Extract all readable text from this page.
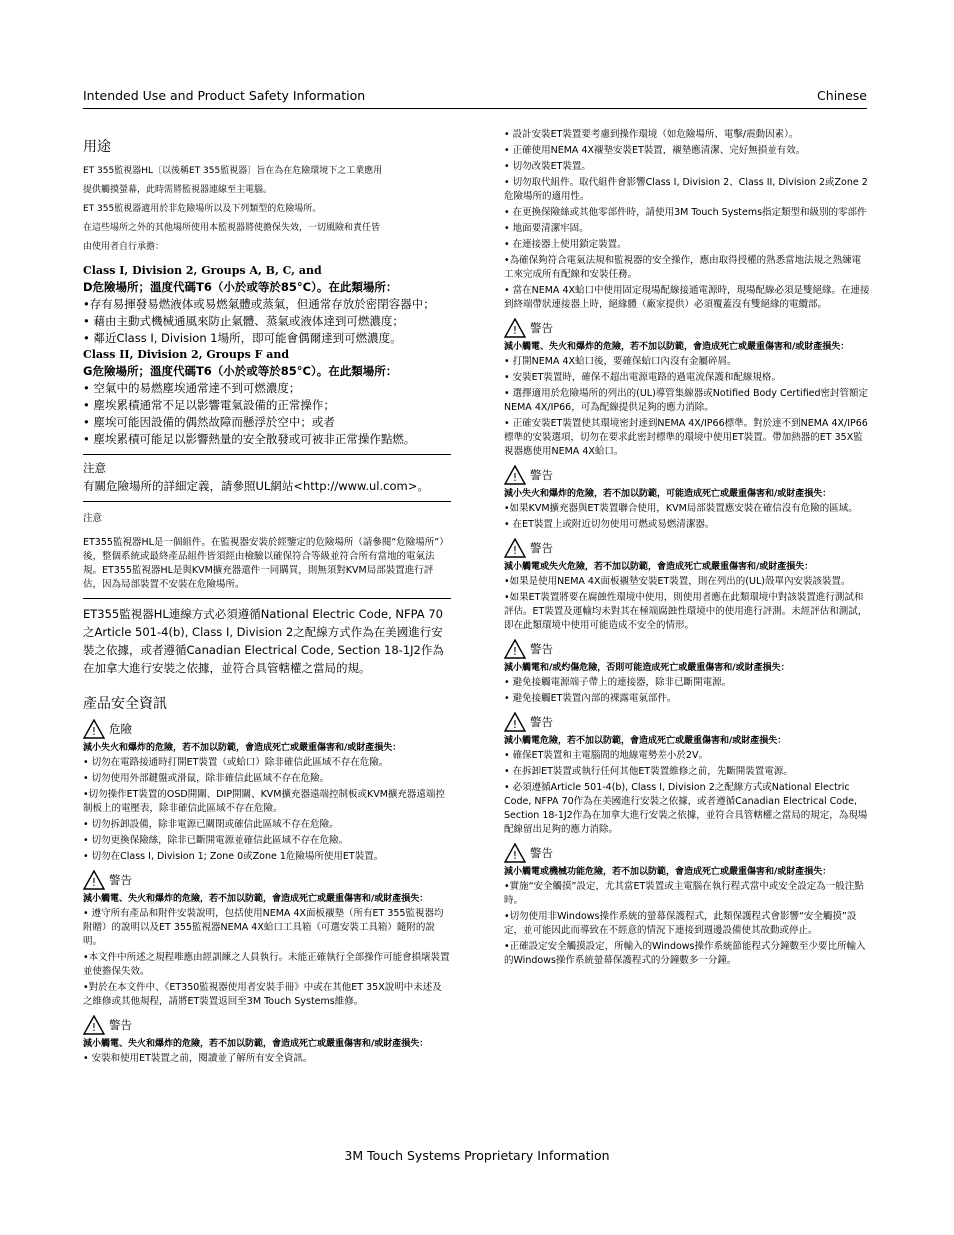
Intended Use and Product Safety Information	Chinese
用途

ET 355監視器HL〔以後稱ET 355監視器〕旨在為在危險環境下之工業應用

提供觸摸螢幕，此時需將監視器連線至主電腦。

ET 355監視器適用於非危險場所以及下列類型的危險場所。

在這些場所之外的其他場所使用本監視器將使擔保失效，一切風險和責任皆

由使用者自行承擔：

Class I, Division 2, Groups A, B, C, and

D危險場所；溫度代碼T6（小於或等於85°C）。在此類場所：

•存有易揮發易燃液体或易燃氣體或蒸氣，但通常存放於密閉容器中；
• 藉由主動式機械通風來防止氣體、蒸氣或液体達到可燃濃度；
• 鄰近Class I, Division 1場所，即可能會偶爾達到可燃濃度。

Class II, Division 2, Groups F and

G危險場所；溫度代碼T6（小於或等於85°C）。在此類場所：

• 空氣中的易燃塵埃通常達不到可燃濃度；
• 塵埃累積通常不足以影響電氣設備的正常操作；
• 塵埃可能因設備的偶然故障而懸浮於空中；或者
• 塵埃累積可能足以影響熱量的安全散發或可被非正常操作點燃。
注意
有關危險場所的詳細定義，請參照UL網站<http://www.ul.com>。
注意
ET355監視器HL是一個組件。在監視器安裝於經鑒定的危險場所（請參閱“危險場所”）後，整個系統或最終產品組件皆須經由檢驗以確保符合等級並符合所有當地的電氣法規。ET355監視器HL是與KVM擴充器還件一同購買，則無須對KVM局部裝置進行評估，因為局部裝置不安裝在危險場所。
ET355監視器HL連線方式必須遵循National Electric Code, NFPA 70之Article 501-4(b), Class I, Division 2之配線方式作為在美國進行安裝之依據，或者遵循Canadian Electrical Code, Section 18-1J2作為在加拿大進行安裝之依據，並符合具管轄權之當局的規。
產品安全資訊
! 危險

減小失火和爆炸的危險，若不加以防範，會造成死亡或嚴重傷害和/或財產損失：

• 切勿在電路接通時打開ET裝置（或蛤口）除非確信此區域不存在危險。
• 切勿使用外部鍵盤或滑鼠，除非確信此區域不存在危險。
•切勿操作ET裝置的OSD開關、DIP開關、KVM擴充器遠端控制板或KVM擴充器遠端控制板上的電壓表，除非確信此區域不存在危險。
• 切勿拆卸設備，除非電源已關閉或確信此區域不存在危險。
• 切勿更換保險絲，除非已斷開電源並確信此區域不存在危險。
• 切勿在Class I, Division 1; Zone 0或Zone 1危險場所使用ET裝置。
! 警告

減小觸電、失火和爆炸的危險，若不加以防範，會造成死亡或嚴重傷害和/或財產損失：

• 遵守所有產品和附件安裝說明，包括使用NEMA 4X面板襯墊（所有ET 355監視器均附贈）的說明以及ET 355監視器NEMA 4X蛤口工具箱（可選安裝工具箱）隨附的說明。
•本文件中所述之規程唯應由經訓練之人員執行。未能正確執行全部操作可能會損壞裝置並使擔保失效。
•對於在本文件中、《ET350監視器使用者安裝手冊》中或在其他ET 35X說明中未述及之維修或其他規程，請將ET裝置返回至3M Touch Systems維修。
! 警告

減小觸電、失火和爆炸的危險，若不加以防範，會造成死亡或嚴重傷害和/或財產損失：

• 安裝和使用ET裝置之前，閱讀並了解所有安全資訊。
• 設計安裝ET裝置要考慮到操作環境（如危險場所、電擊/震動因素）。
• 正確使用NEMA 4X襯墊安裝ET裝置，襯墊應清潔、完好無損並有效。
• 切勿改裝ET裝置。
• 切勿取代組件。取代組件會影響Class I, Division 2、Class II, Division 2或Zone 2危險場所的適用性。
• 在更換保險絲或其他零部件時，請使用3M Touch Systems指定類型和級別的零部件
• 地面要清潔牢固。
• 在連接器上使用鎖定裝置。
•為確保夠符合電氣法規和監視器的安全操作，應由取得授權的熟悉當地法規之熟練電工來完成所有配線和安裝任務。
• 當在NEMA 4X蛤口中使用固定現場配線接通電源時，現場配線必須是雙絕緣。在連接到終端帶狀連接器上時，絕緣體（廠家提供）必須覆蓋沒有雙絕緣的電纜部。
! 警告

減小觸電、失火和爆炸的危險，若不加以防範，會造成死亡或嚴重傷害和/或財產損失：

• 打開NEMA 4X蛤口後，要確保蛤口內沒有金屬碎屑。
• 安裝ET裝置時，確保不超出電源電路的過電流保護和配線規格。
• 選擇適用於危險場所的列出的(UL)導管集線器或Notified Body Certified密封管額定NEMA 4X/IP66，可為配線提供足夠的應力消除。
• 正確安裝ET裝置使其環境密封達到NEMA 4X/IP66標準。對於達不到NEMA 4X/IP66標準的安裝選項，切勿在要求此密封標準的環境中使用ET裝置。帶加熱器的ET 35X監視器應使用NEMA 4X蛤口。
! 警告

減小失火和爆炸的危險，若不加以防範，可能造成死亡或嚴重傷害和/或財產損失：

•如果KVM擴充器與ET裝置聯合使用，KVM局部裝置應安裝在確信沒有危險的區域。
• 在ET裝置上或附近切勿使用可燃或易燃清潔器。
! 警告

減小觸電或失火危險，若不加以防範，會造成死亡或嚴重傷害和/或財產損失：

•如果是使用NEMA 4X面板襯墊安裝ET裝置，則在列出的(UL)殼單內安裝該裝置。
•如果ET裝置將要在腐蝕性環境中使用，則使用者應在此類環境中對該裝置進行測試和評估。ET裝置及運輸均未對其在極端腐蝕性環境中的使用進行評測。未經評估和測試，即在此類環境中使用可能造成不安全的情形。
! 警告

減小觸電和/或灼傷危險，否則可能造成死亡或嚴重傷害和/或財產損失：

• 避免接觸電源端子帶上的連接器，除非已斷開電源。
• 避免接觸ET裝置內部的裸露電氣部件。
! 警告

減小觸電危險，若不加以防範，會造成死亡或嚴重傷害和/或財產損失：

• 確保ET裝置和主電腦間的地線電勢差小於2V。
• 在拆卸ET裝置或執行任何其他ET裝置維修之前，先斷開裝置電源。
• 必須遵循Article 501-4(b), Class I, Division 2之配線方式或National Electric Code, NFPA 70作為在美國進行安裝之依據，或者遵循Canadian Electrical Code, Section 18-1J2作為在加拿大進行安裝之依據，並符合具管轄權之當局的規定，為現場配線留出足夠的應力消除。
! 警告

減小觸電或機械功能危險，若不加以防範，會造成死亡或嚴重傷害和/或財產損失：

•實施“安全觸摸”設定，尤其當ET裝置或主電腦在執行程式當中或安全設定為一般注點時。
•切勿使用非Windows操作系統的螢幕保護程式，此類保護程式會影響“安全觸摸”設定，並可能因此而導致在不經意的情況下連接到週邊設備使其故動或停止。
•正確設定安全觸摸設定，所輸入的Windows操作系統節能程式分鐘數至少要比所輸入的Windows操作系統螢幕保護程式的分鐘數多一分鐘。
3M Touch Systems Proprietary Information
